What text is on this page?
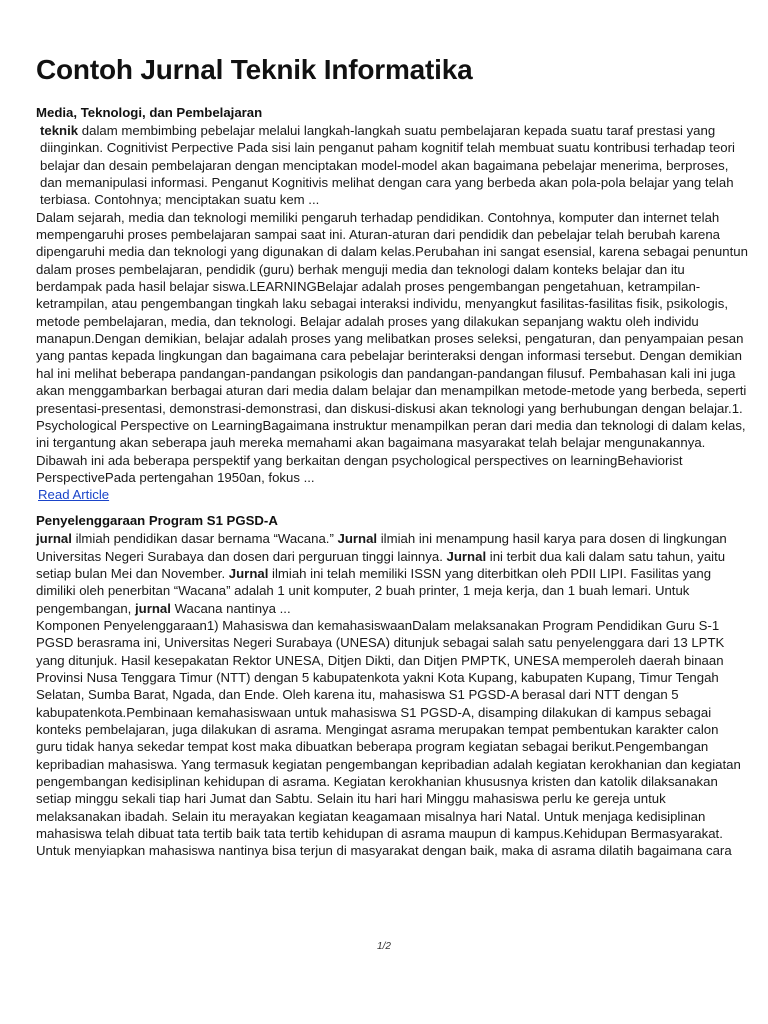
Contoh Jurnal Teknik Informatika
Media, Teknologi, dan Pembelajaran

teknik dalam membimbing pebelajar melalui langkah-langkah suatu pembelajaran kepada suatu taraf prestasi yang diinginkan. Cognitivist Perpective Pada sisi lain penganut paham kognitif telah membuat suatu kontribusi terhadap teori belajar dan desain pembelajaran dengan menciptakan model-model akan bagaimana pebelajar menerima, berproses, dan memanipulasi informasi. Penganut Kognitivis melihat dengan cara yang berbeda akan pola-pola belajar yang telah terbiasa. Contohnya; menciptakan suatu kem ...

Dalam sejarah, media dan teknologi memiliki pengaruh terhadap pendidikan. Contohnya, komputer dan internet telah mempengaruhi proses pembelajaran sampai saat ini. Aturan-aturan dari pendidik dan pebelajar telah berubah karena dipengaruhi media dan teknologi yang digunakan di dalam kelas.Perubahan ini sangat esensial, karena sebagai penuntun dalam proses pembelajaran, pendidik (guru) berhak menguji media dan teknologi dalam konteks belajar dan itu berdampak pada hasil belajar siswa.LEARNINGBelajar adalah proses pengembangan pengetahuan, ketrampilan-ketrampilan, atau pengembangan tingkah laku sebagai interaksi individu, menyangkut fasilitas-fasilitas fisik, psikologis, metode pembelajaran, media, dan teknologi. Belajar adalah proses yang dilakukan sepanjang waktu oleh individu manapun.Dengan demikian, belajar adalah proses yang melibatkan proses seleksi, pengaturan, dan penyampaian pesan yang pantas kepada lingkungan dan bagaimana cara pebelajar berinteraksi dengan informasi tersebut. Dengan demikian hal ini melihat beberapa pandangan-pandangan psikologis dan pandangan-pandangan filusuf. Pembahasan kali ini juga akan menggambarkan berbagai aturan dari media dalam belajar dan menampilkan metode-metode yang berbeda, seperti presentasi-presentasi, demonstrasi-demonstrasi, dan diskusi-diskusi akan teknologi yang berhubungan dengan belajar.1. Psychological Perspective on LearningBagaimana instruktur menampilkan peran dari media dan teknologi di dalam kelas, ini tergantung akan seberapa jauh mereka memahami akan bagaimana masyarakat telah belajar mengunakannya. Dibawah ini ada beberapa perspektif yang berkaitan dengan psychological perspectives on learningBehaviorist PerspectivePada pertengahan 1950an, fokus ...

Read Article
Penyelenggaraan Program S1 PGSD-A

jurnal ilmiah pendidikan dasar bernama “Wacana.” Jurnal ilmiah ini menampung hasil karya para dosen di lingkungan Universitas Negeri Surabaya dan dosen dari perguruan tinggi lainnya. Jurnal ini terbit dua kali dalam satu tahun, yaitu setiap bulan Mei dan November. Jurnal ilmiah ini telah memiliki ISSN yang diterbitkan oleh PDII LIPI. Fasilitas yang dimiliki oleh penerbitan “Wacana” adalah 1 unit komputer, 2 buah printer, 1 meja kerja, dan 1 buah lemari. Untuk pengembangan, jurnal Wacana nantinya ...

Komponen Penyelenggaraan1) Mahasiswa dan kemahasiswaanDalam melaksanakan Program Pendidikan Guru S-1 PGSD berasrama ini, Universitas Negeri Surabaya (UNESA) ditunjuk sebagai salah satu penyelenggara dari 13 LPTK yang ditunjuk. Hasil kesepakatan Rektor UNESA, Ditjen Dikti, dan Ditjen PMPTK, UNESA memperoleh daerah binaan Provinsi Nusa Tenggara Timur (NTT) dengan 5 kabupatenkota yakni Kota Kupang, kabupaten Kupang, Timur Tengah Selatan, Sumba Barat, Ngada, dan Ende. Oleh karena itu, mahasiswa S1 PGSD-A berasal dari NTT dengan 5 kabupatenkota.Pembinaan kemahasiswaan untuk mahasiswa S1 PGSD-A, disamping dilakukan di kampus sebagai konteks pembelajaran, juga dilakukan di asrama. Mengingat asrama merupakan tempat pembentukan karakter calon guru tidak hanya sekedar tempat kost maka dibuatkan beberapa program kegiatan sebagai berikut.Pengembangan kepribadian mahasiswa. Yang termasuk kegiatan pengembangan kepribadian adalah kegiatan kerokhanian dan kegiatan pengembangan kedisiplinan kehidupan di asrama. Kegiatan kerokhanian khususnya kristen dan katolik dilaksanakan setiap minggu sekali tiap hari Jumat dan Sabtu. Selain itu hari hari Minggu mahasiswa perlu ke gereja untuk melaksanakan ibadah. Selain itu merayakan kegiatan keagamaan misalnya hari Natal. Untuk menjaga kedisiplinan mahasiswa telah dibuat tata tertib baik tata tertib kehidupan di asrama maupun di kampus.Kehidupan Bermasyarakat. Untuk menyiapkan mahasiswa nantinya bisa terjun di masyarakat dengan baik, maka di asrama dilatih bagaimana cara

1/2
